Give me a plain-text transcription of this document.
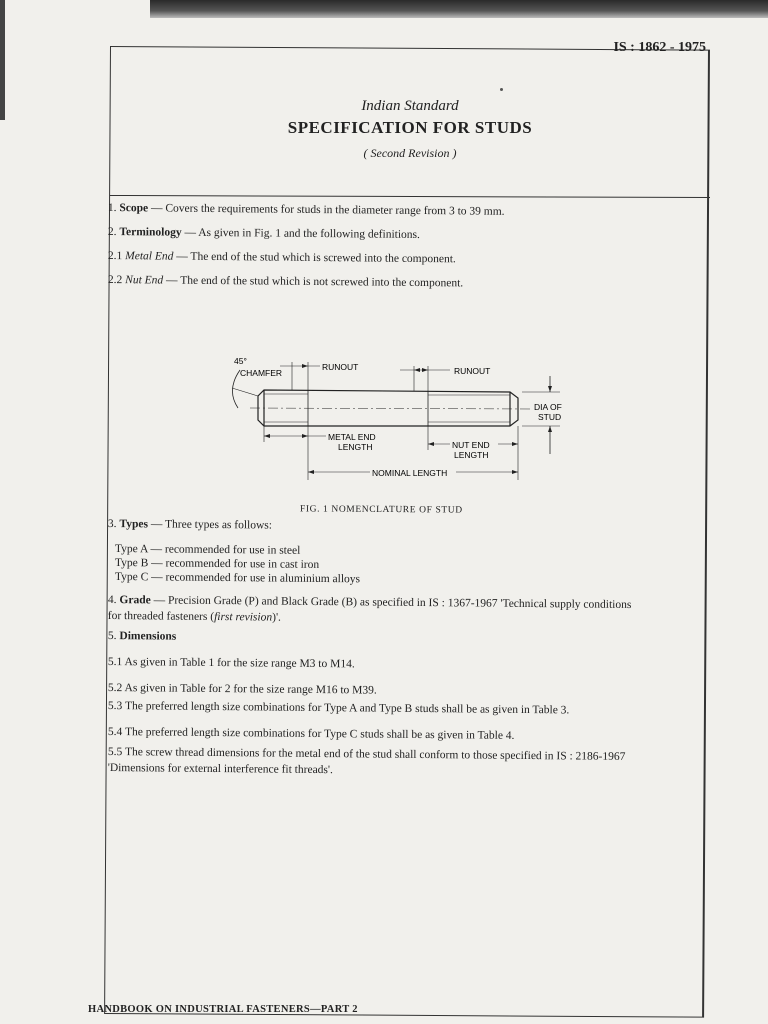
IS : 1862 - 1975
Indian Standard
SPECIFICATION FOR STUDS
( Second Revision )
1. Scope — Covers the requirements for studs in the diameter range from 3 to 39 mm.
2. Terminology — As given in Fig. 1 and the following definitions.
2.1 Metal End — The end of the stud which is screwed into the component.
2.2 Nut End — The end of the stud which is not screwed into the component.
45°
CHAMFER
RUNOUT	RUNOUT
DIA OF
STUD
METAL END
LENGTH	NUT END
LENGTH
NOMINAL LENGTH
FIG. 1 NOMENCLATURE OF STUD
3. Types — Three types as follows:
Type A — recommended for use in steel
Type B — recommended for use in cast iron
Type C — recommended for use in aluminium alloys
4. Grade — Precision Grade (P) and Black Grade (B) as specified in IS : 1367-1967 'Technical supply conditions
for threaded fasteners (first revision)'.
5. Dimensions
5.1 As given in Table 1 for the size range M3 to M14.
5.2 As given in Table for 2 for the size range M16 to M39.
5.3 The preferred length size combinations for Type A and Type B studs shall be as given in Table 3.
5.4 The preferred length size combinations for Type C studs shall be as given in Table 4.
5.5 The screw thread dimensions for the metal end of the stud shall conform to those specified in IS : 2186-1967
'Dimensions for external interference fit threads'.
HANDBOOK ON INDUSTRIAL FASTENERS—PART 2
